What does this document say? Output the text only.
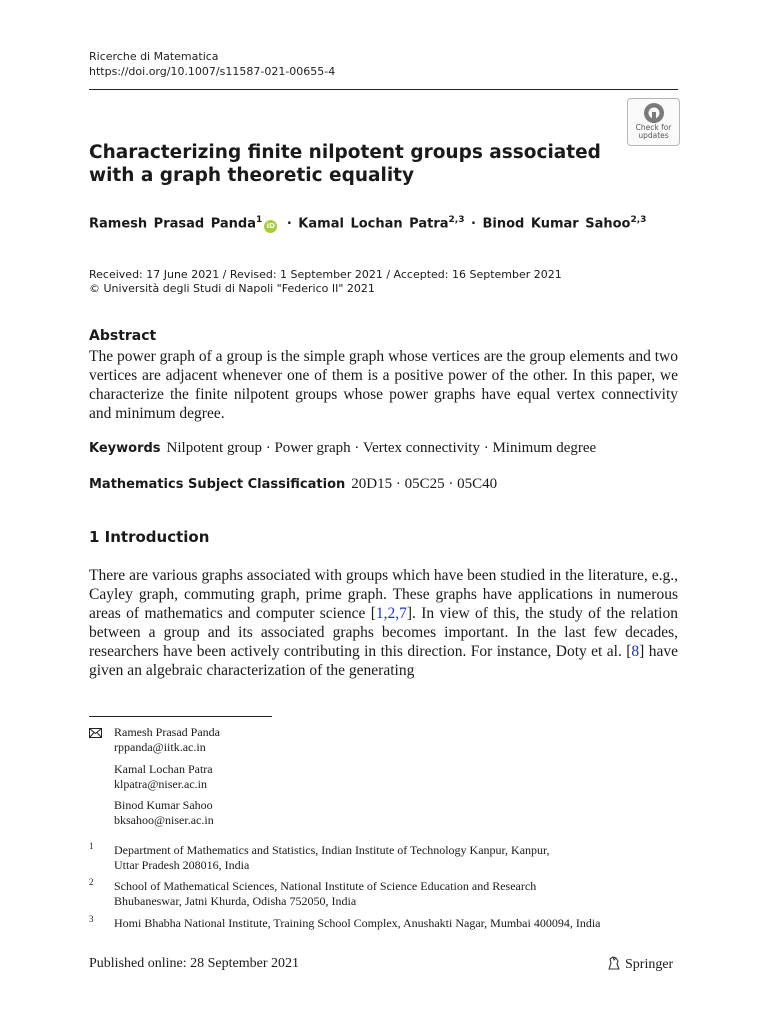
Ricerche di Matematica
https://doi.org/10.1007/s11587-021-00655-4
Check for
updates
Characterizing finite nilpotent groups associated with a graph theoretic equality
Ramesh Prasad Panda$^1$iD · Kamal Lochan Patra$^{2,3}$ · Binod Kumar Sahoo$^{2,3}$
Received: 17 June 2021 / Revised: 1 September 2021 / Accepted: 16 September 2021
© Università degli Studi di Napoli "Federico II" 2021
Abstract
The power graph of a group is the simple graph whose vertices are the group elements and two vertices are adjacent whenever one of them is a positive power of the other. In this paper, we characterize the finite nilpotent groups whose power graphs have equal vertex connectivity and minimum degree.
Keywords Nilpotent group · Power graph · Vertex connectivity · Minimum degree
Mathematics Subject Classification 20D15 · 05C25 · 05C40
1 Introduction
There are various graphs associated with groups which have been studied in the literature, e.g., Cayley graph, commuting graph, prime graph. These graphs have applications in numerous areas of mathematics and computer science [1,2,7]. In view of this, the study of the relation between a group and its associated graphs becomes important. In the last few decades, researchers have been actively contributing in this direction. For instance, Doty et al. [8] have given an algebraic characterization of the generating
Ramesh Prasad Panda
rppanda@iitk.ac.in
Kamal Lochan Patra
klpatra@niser.ac.in
Binod Kumar Sahoo
bksahoo@niser.ac.in
1 Department of Mathematics and Statistics, Indian Institute of Technology Kanpur, Kanpur,
Uttar Pradesh 208016, India
2 School of Mathematical Sciences, National Institute of Science Education and Research
Bhubaneswar, Jatni Khurda, Odisha 752050, India
3 Homi Bhabha National Institute, Training School Complex, Anushakti Nagar, Mumbai 400094, India
Published online: 28 September 2021	Springer
